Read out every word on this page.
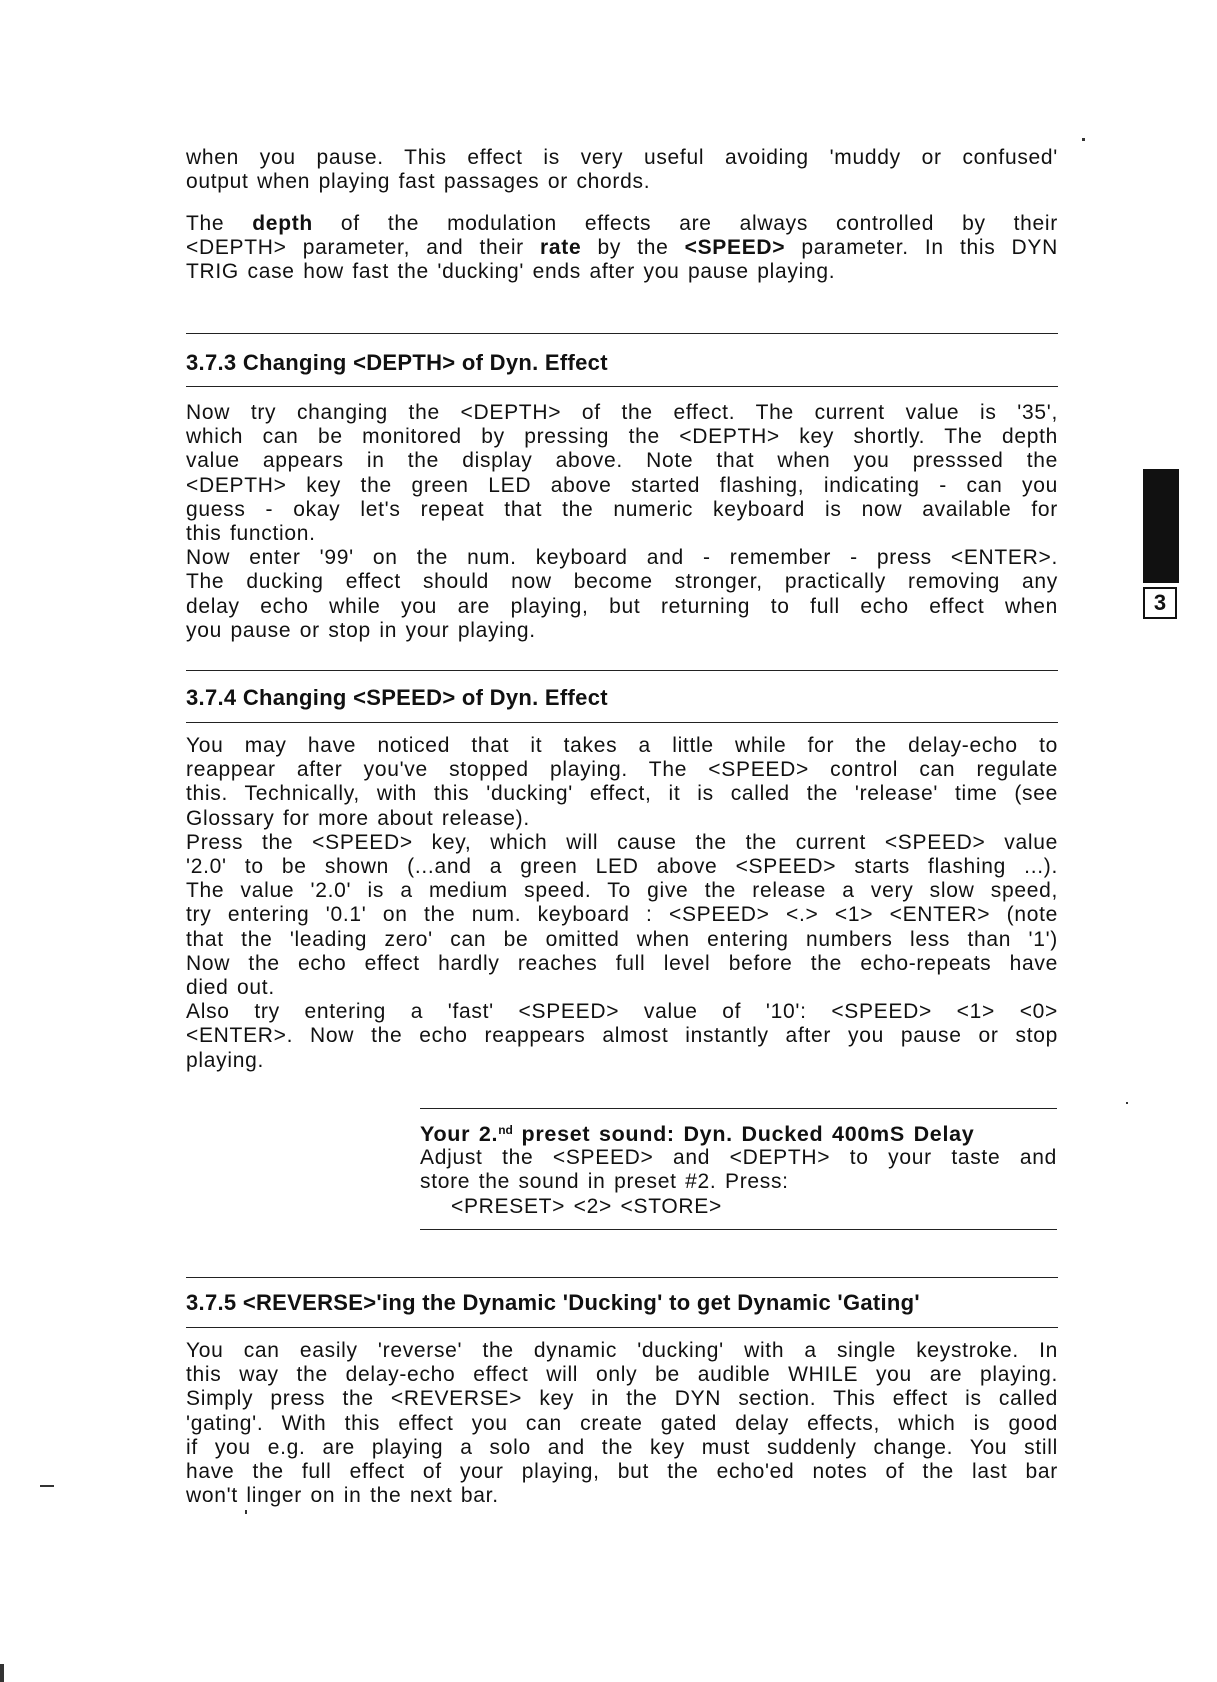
when you pause. This effect is very useful avoiding 'muddy or confused'

output when playing fast passages or chords.

The depth of the modulation effects are always controlled by their

<DEPTH> parameter, and their rate by the <SPEED> parameter. In this DYN

TRIG case how fast the 'ducking' ends after you pause playing.

3.7.3 Changing <DEPTH> of Dyn. Effect

Now try changing the <DEPTH> of the effect. The current value is '35',

which can be monitored by pressing the <DEPTH> key shortly. The depth

value appears in the display above. Note that when you presssed the

<DEPTH> key the green LED above started flashing, indicating - can you

guess - okay let's repeat that the numeric keyboard is now available for

this function.

Now enter '99' on the num. keyboard and - remember - press <ENTER>.

The ducking effect should now become stronger, practically removing any

delay echo while you are playing, but returning to full echo effect when

you pause or stop in your playing.

3.7.4 Changing <SPEED> of Dyn. Effect

You may have noticed that it takes a little while for the delay-echo to

reappear after you've stopped playing. The <SPEED> control can regulate

this. Technically, with this 'ducking' effect, it is called the 'release' time (see

Glossary for more about release).

Press the <SPEED> key, which will cause the the current <SPEED> value

'2.0' to be shown (...and a green LED above <SPEED> starts flashing ...).

The value '2.0' is a medium speed. To give the release a very slow speed,

try entering '0.1' on the num. keyboard : <SPEED> <.> <1> <ENTER> (note

that the 'leading zero' can be omitted when entering numbers less than '1')

Now the echo effect hardly reaches full level before the echo-repeats have

died out.

Also try entering a 'fast' <SPEED> value of '10': <SPEED> <1> <0>

<ENTER>. Now the echo reappears almost instantly after you pause or stop

playing.

Your 2.$^{nd}$ preset sound: Dyn. Ducked 400mS Delay

Adjust the <SPEED> and <DEPTH> to your taste and

store the sound in preset #2. Press:

<PRESET> <2> <STORE>

3.7.5 <REVERSE>'ing the Dynamic 'Ducking' to get Dynamic 'Gating'

You can easily 'reverse' the dynamic 'ducking' with a single keystroke. In

this way the delay-echo effect will only be audible WHILE you are playing.

Simply press the <REVERSE> key in the DYN section. This effect is called

'gating'. With this effect you can create gated delay effects, which is good

if you e.g. are playing a solo and the key must suddenly change. You still

have the full effect of your playing, but the echo'ed notes of the last bar

won't linger on in the next bar.

3
